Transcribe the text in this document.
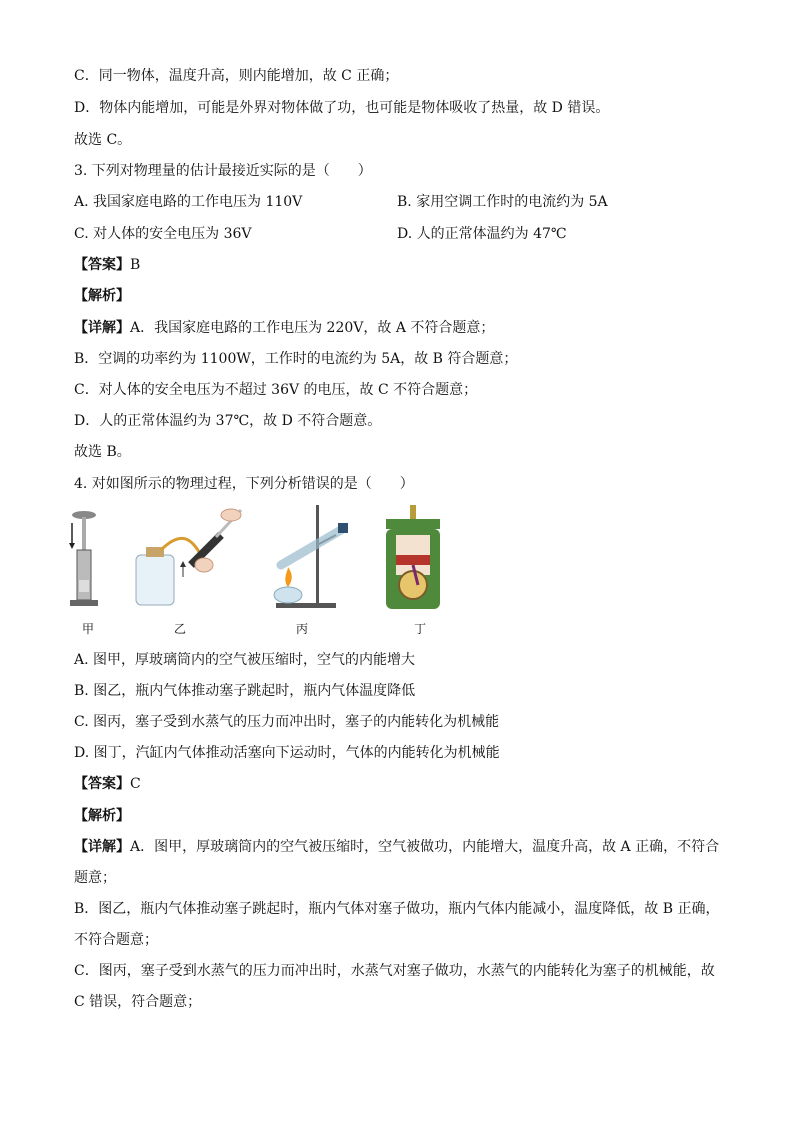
C．同一物体，温度升高，则内能增加，故 C 正确；
D．物体内能增加，可能是外界对物体做了功，也可能是物体吸收了热量，故 D 错误。
故选 C。
3. 下列对物理量的估计最接近实际的是（　　）
A. 我国家庭电路的工作电压为 110V	B. 家用空调工作时的电流约为 5A
C. 对人体的安全电压为 36V	D. 人的正常体温约为 47℃
【答案】B
【解析】
【详解】A．我国家庭电路的工作电压为 220V，故 A 不符合题意；
B．空调的功率约为 1100W，工作时的电流约为 5A，故 B 符合题意；
C．对人体的安全电压为不超过 36V 的电压，故 C 不符合题意；
D．人的正常体温约为 37℃，故 D 不符合题意。
故选 B。
4. 对如图所示的物理过程，下列分析错误的是（　　）
甲	乙	丙	丁
A. 图甲，厚玻璃筒内的空气被压缩时，空气的内能增大
B. 图乙，瓶内气体推动塞子跳起时，瓶内气体温度降低
C. 图丙，塞子受到水蒸气的压力而冲出时，塞子的内能转化为机械能
D. 图丁，汽缸内气体推动活塞向下运动时，气体的内能转化为机械能
【答案】C
【解析】
【详解】A．图甲，厚玻璃筒内的空气被压缩时，空气被做功，内能增大，温度升高，故 A 正确，不符合题意；
B．图乙，瓶内气体推动塞子跳起时，瓶内气体对塞子做功，瓶内气体内能减小，温度降低，故 B 正确，不符合题意；
C．图丙，塞子受到水蒸气的压力而冲出时，水蒸气对塞子做功，水蒸气的内能转化为塞子的机械能，故 C 错误，符合题意；
